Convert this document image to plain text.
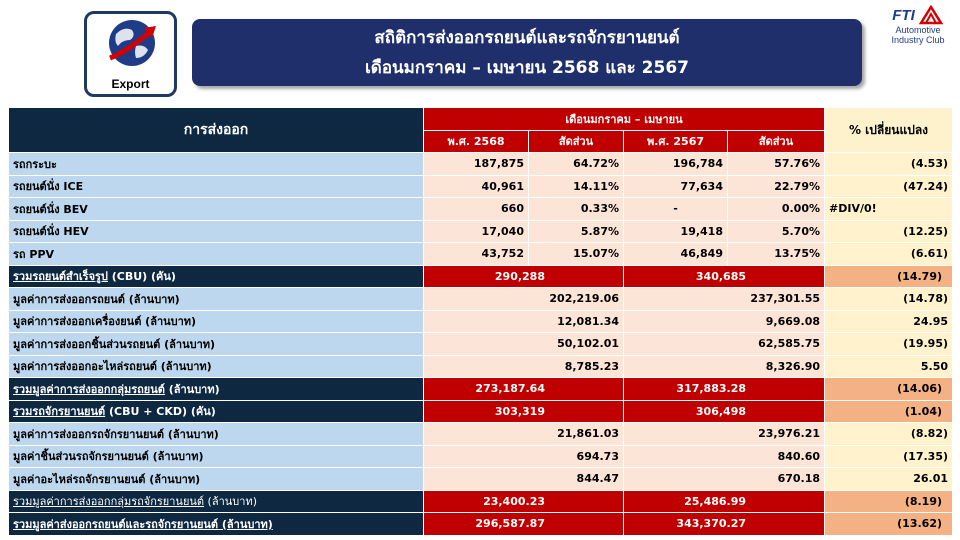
Export
สถิติการส่งออกรถยนต์และรถจักรยานยนต์
เดือนมกราคม – เมษายน 2568 และ 2567
FTI
Automotive
Industry Club
การส่งออก	เดือนมกราคม – เมษายน				% เปลี่ยนแปลง
	พ.ศ. 2568	สัดส่วน	พ.ศ. 2567	สัดส่วน	
รถกระบะ	187,875	64.72%	196,784	57.76%	(4.53)
รถยนต์นั่ง ICE	40,961	14.11%	77,634	22.79%	(47.24)
รถยนต์นั่ง BEV	660	0.33%	-	0.00%	#DIV/0!
รถยนต์นั่ง HEV	17,040	5.87%	19,418	5.70%	(12.25)
รถ PPV	43,752	15.07%	46,849	13.75%	(6.61)
รวมรถยนต์สำเร็จรูป (CBU) (คัน)	290,288		340,685		(14.79)
มูลค่าการส่งออกรถยนต์ (ล้านบาท)	202,219.06		237,301.55		(14.78)
มูลค่าการส่งออกเครื่องยนต์ (ล้านบาท)	12,081.34		9,669.08		24.95
มูลค่าการส่งออกชิ้นส่วนรถยนต์ (ล้านบาท)	50,102.01		62,585.75		(19.95)
มูลค่าการส่งออกอะไหล่รถยนต์ (ล้านบาท)	8,785.23		8,326.90		5.50
รวมมูลค่าการส่งออกกลุ่มรถยนต์ (ล้านบาท)	273,187.64		317,883.28		(14.06)
รวมรถจักรยานยนต์ (CBU + CKD) (คัน)	303,319		306,498		(1.04)
มูลค่าการส่งออกรถจักรยานยนต์ (ล้านบาท)	21,861.03		23,976.21		(8.82)
มูลค่าชิ้นส่วนรถจักรยานยนต์ (ล้านบาท)	694.73		840.60		(17.35)
มูลค่าอะไหล่รถจักรยานยนต์ (ล้านบาท)	844.47		670.18		26.01
รวมมูลค่าการส่งออกกลุ่มรถจักรยานยนต์ (ล้านบาท)	23,400.23		25,486.99		(8.19)
รวมมูลค่าส่งออกรถยนต์และรถจักรยานยนต์ (ล้านบาท)	296,587.87		343,370.27		(13.62)
